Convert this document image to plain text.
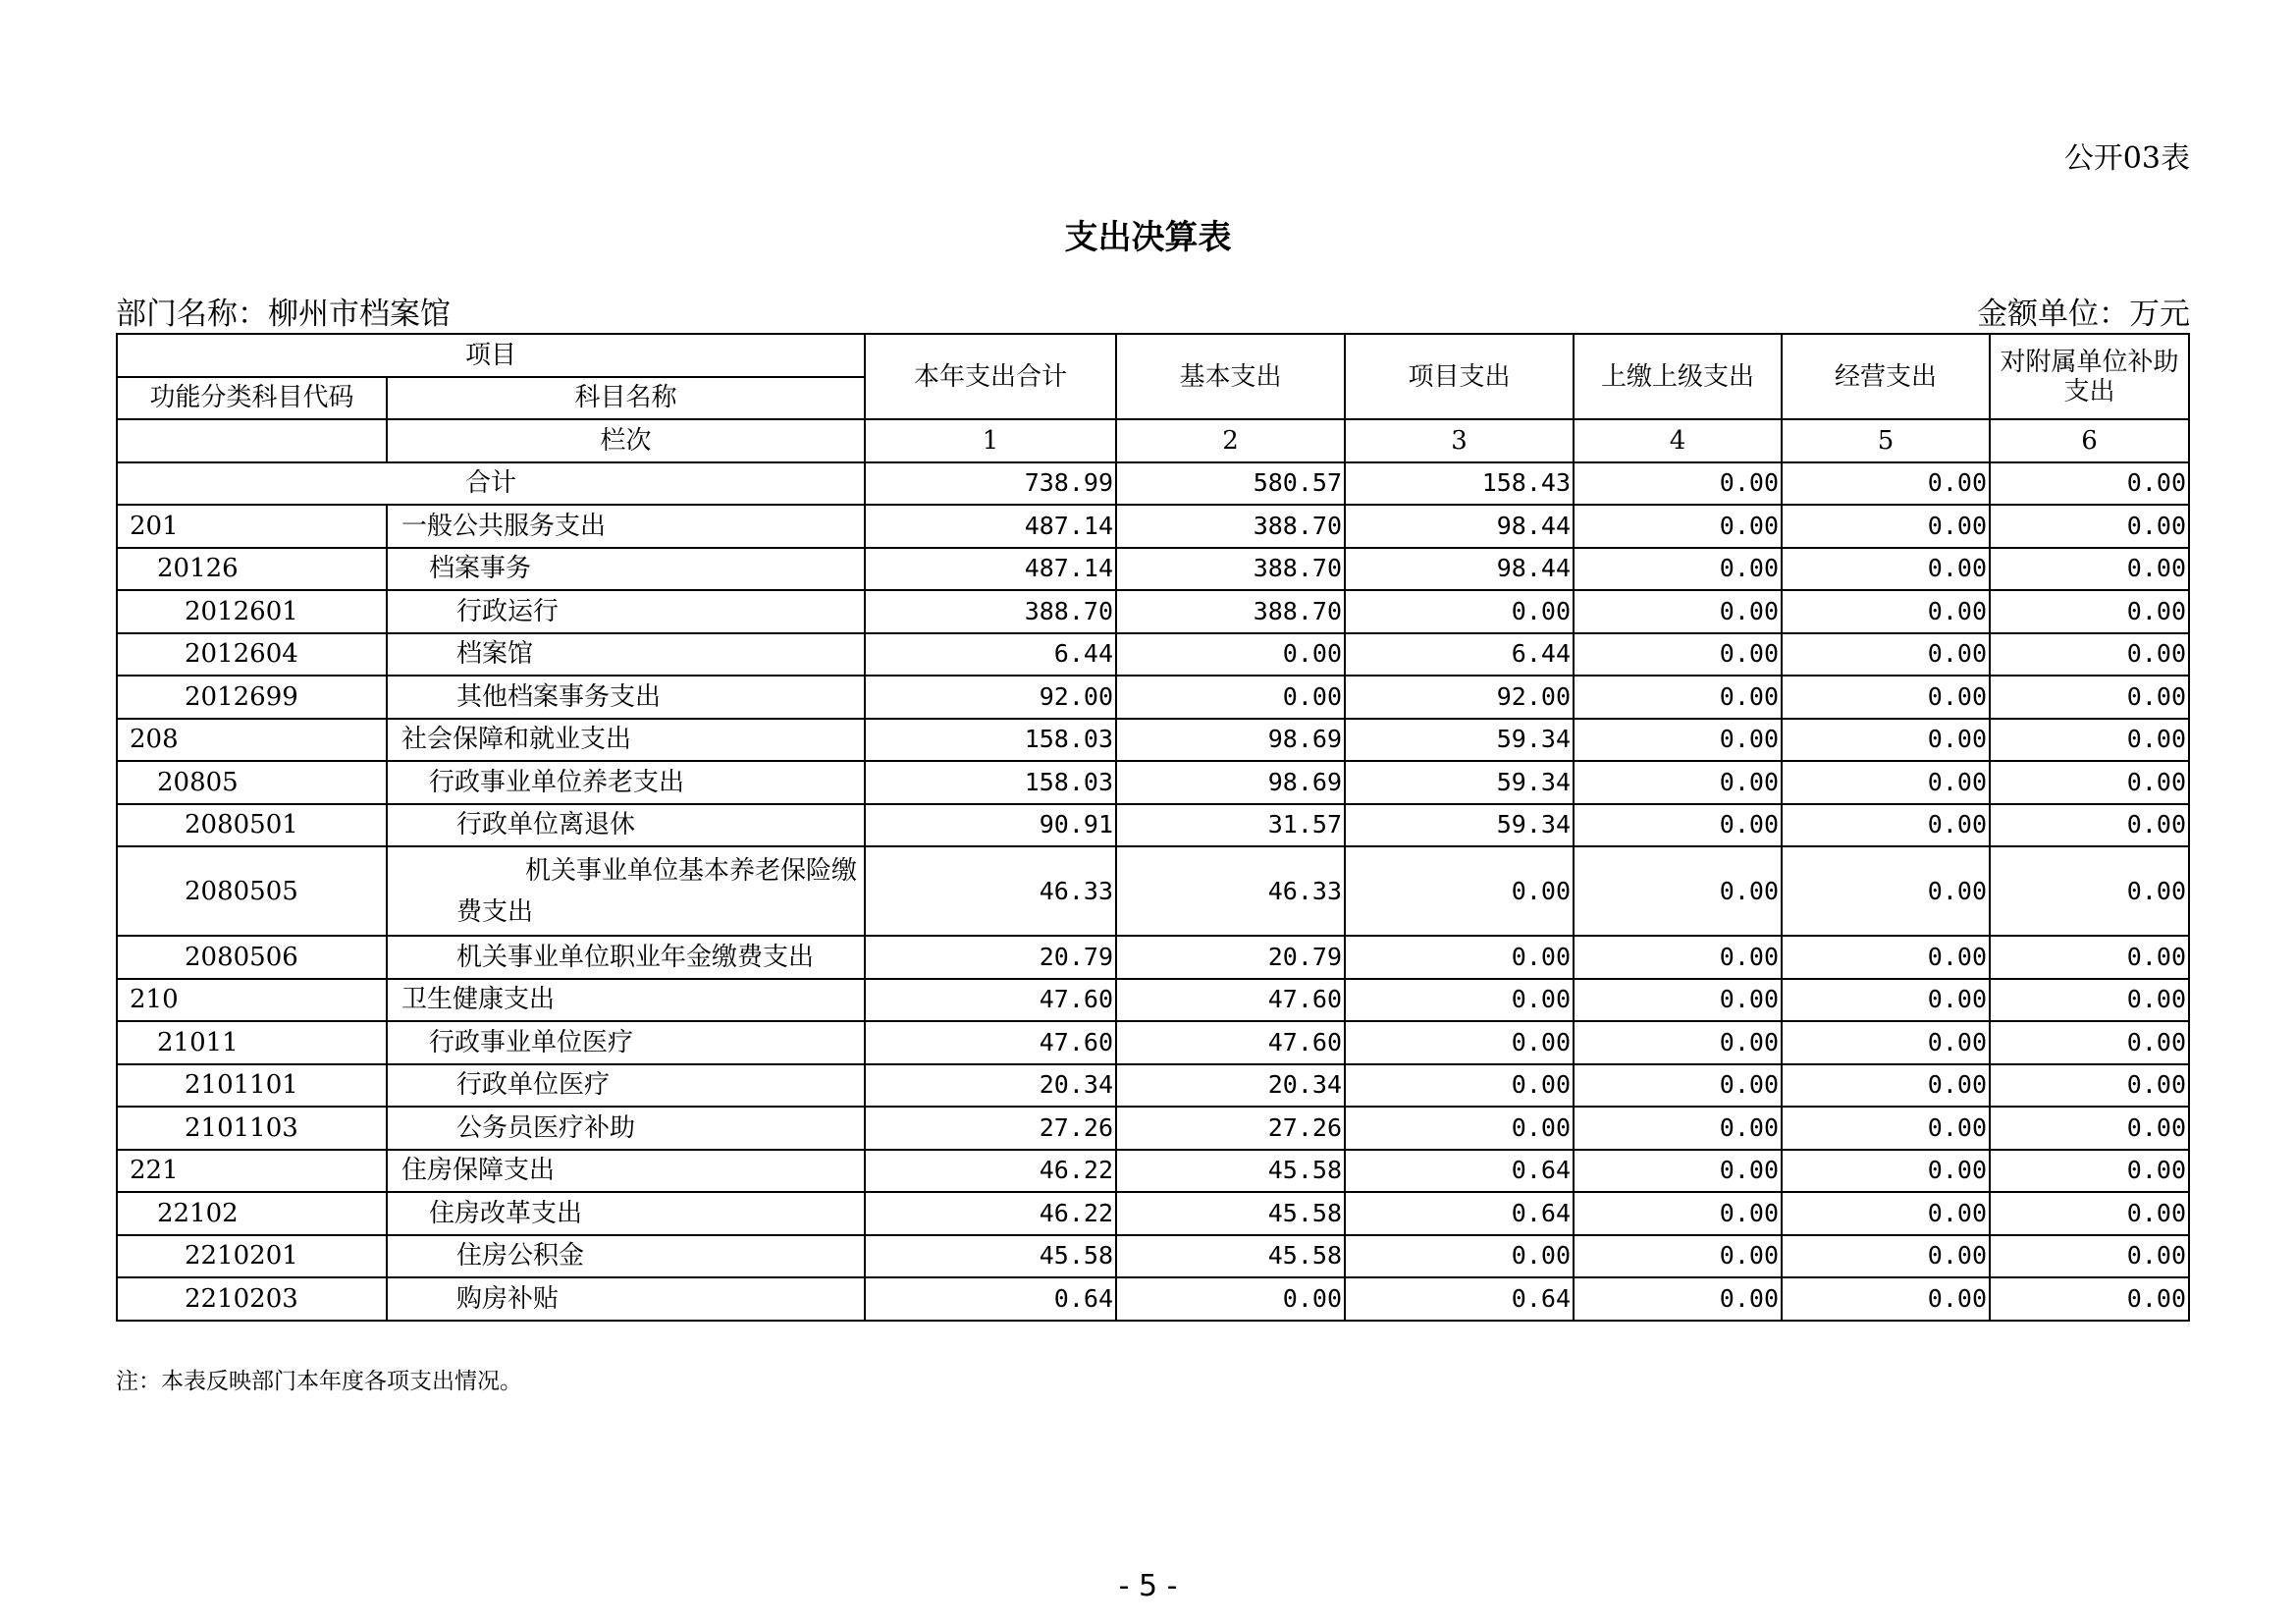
公开03表
支出决算表
部门名称：柳州市档案馆	金额单位：万元
项目		本年支出合计	基本支出	项目支出	上缴上级支出	经营支出	对附属单位补助支出
功能分类科目代码	科目名称						
	栏次	1	2	3	4	5	6
合计		738.99	580.57	158.43	0.00	0.00	0.00
201	一般公共服务支出	487.14	388.70	98.44	0.00	0.00	0.00
20126	档案事务	487.14	388.70	98.44	0.00	0.00	0.00
2012601	行政运行	388.70	388.70	0.00	0.00	0.00	0.00
2012604	档案馆	6.44	0.00	6.44	0.00	0.00	0.00
2012699	其他档案事务支出	92.00	0.00	92.00	0.00	0.00	0.00
208	社会保障和就业支出	158.03	98.69	59.34	0.00	0.00	0.00
20805	行政事业单位养老支出	158.03	98.69	59.34	0.00	0.00	0.00
2080501	行政单位离退休	90.91	31.57	59.34	0.00	0.00	0.00
2080505	机关事业单位基本养老保险缴费支出	46.33	46.33	0.00	0.00	0.00	0.00
2080506	机关事业单位职业年金缴费支出	20.79	20.79	0.00	0.00	0.00	0.00
210	卫生健康支出	47.60	47.60	0.00	0.00	0.00	0.00
21011	行政事业单位医疗	47.60	47.60	0.00	0.00	0.00	0.00
2101101	行政单位医疗	20.34	20.34	0.00	0.00	0.00	0.00
2101103	公务员医疗补助	27.26	27.26	0.00	0.00	0.00	0.00
221	住房保障支出	46.22	45.58	0.64	0.00	0.00	0.00
22102	住房改革支出	46.22	45.58	0.64	0.00	0.00	0.00
2210201	住房公积金	45.58	45.58	0.00	0.00	0.00	0.00
2210203	购房补贴	0.64	0.00	0.64	0.00	0.00	0.00
注：本表反映部门本年度各项支出情况。
- 5 -
